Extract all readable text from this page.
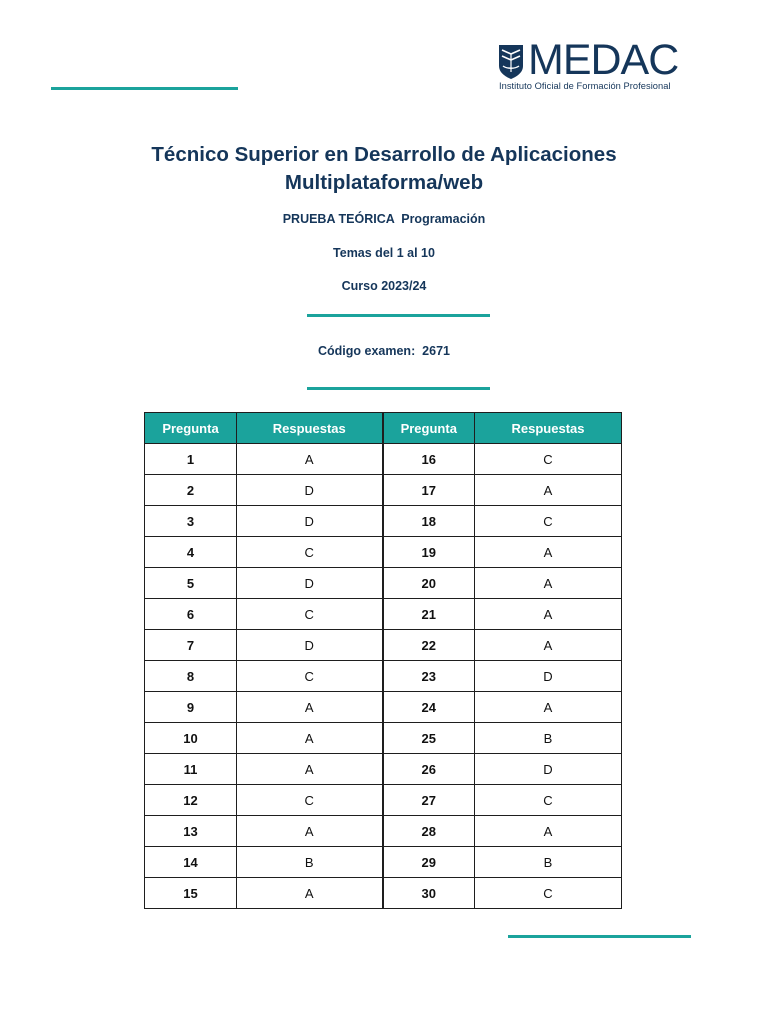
MEDAC
Instituto Oficial de Formación Profesional
Técnico Superior en Desarrollo de Aplicaciones
Multiplataforma/web
PRUEBA TEÓRICA  Programación
Temas del 1 al 10
Curso 2023/24
Código examen:  2671
Pregunta	Respuestas	Pregunta	Respuestas
1	A	16	C
2	D	17	A
3	D	18	C
4	C	19	A
5	D	20	A
6	C	21	A
7	D	22	A
8	C	23	D
9	A	24	A
10	A	25	B
11	A	26	D
12	C	27	C
13	A	28	A
14	B	29	B
15	A	30	C
